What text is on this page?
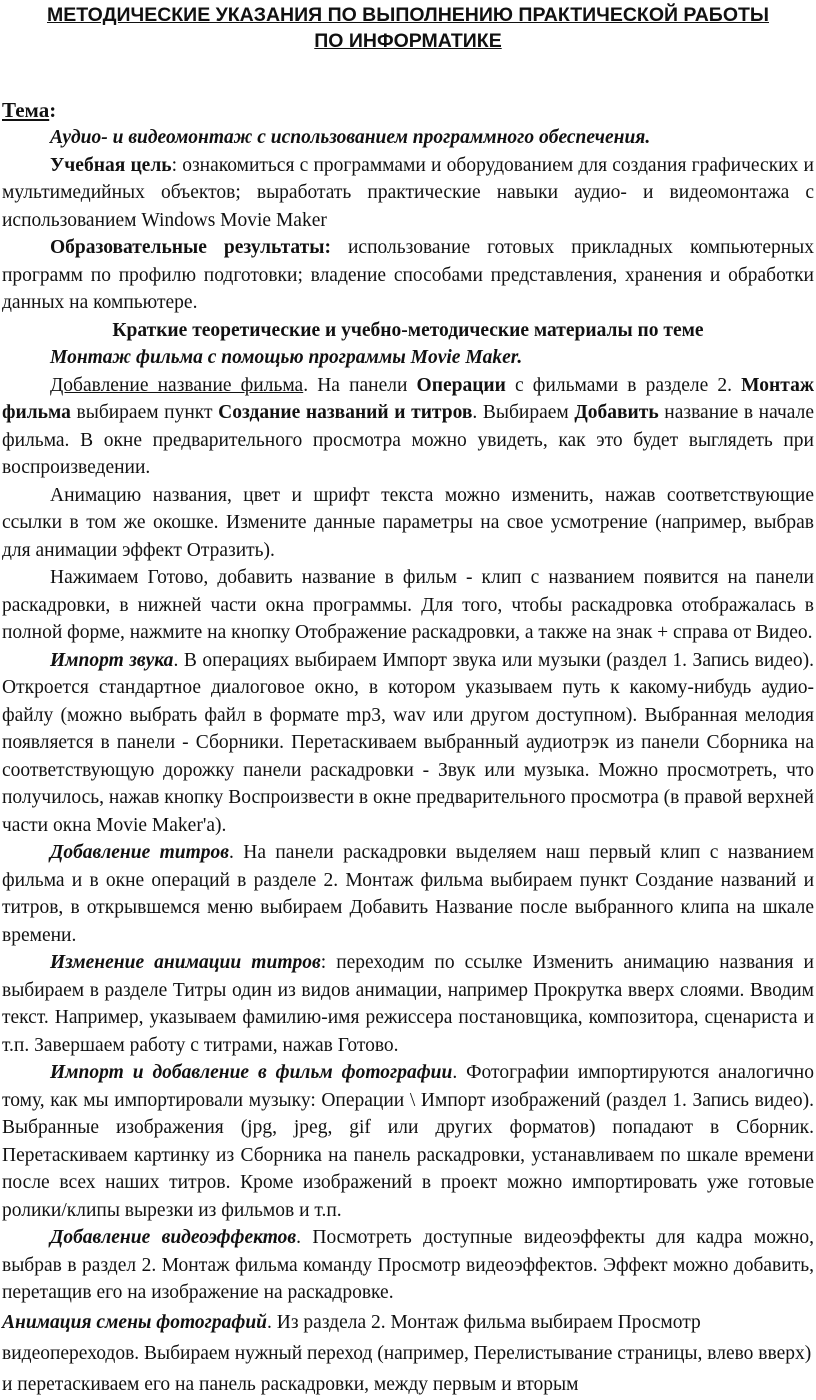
МЕТОДИЧЕСКИЕ УКАЗАНИЯ ПО ВЫПОЛНЕНИЮ ПРАКТИЧЕСКОЙ РАБОТЫ
ПО ИНФОРМАТИКЕ

Тема:

Аудио- и видеомонтаж с использованием программного обеспечения.

Учебная цель: ознакомиться с программами и оборудованием для создания графических и мультимедийных объектов; выработать практические навыки аудио- и видеомонтажа с использованием Windows Movie Maker

Образовательные результаты: использование готовых прикладных компьютерных программ по профилю подготовки; владение способами представления, хранения и обработки данных на компьютере.

Краткие теоретические и учебно-методические материалы по теме

Монтаж фильма с помощью программы Movie Maker.

Добавление название фильма. На панели Операции с фильмами в разделе 2. Монтаж фильма выбираем пункт Создание названий и титров. Выбираем Добавить название в начале фильма. В окне предварительного просмотра можно увидеть, как это будет выглядеть при воспроизведении.

Анимацию названия, цвет и шрифт текста можно изменить, нажав соответствующие ссылки в том же окошке. Измените данные параметры на свое усмотрение (например, выбрав для анимации эффект Отразить).

Нажимаем Готово, добавить название в фильм - клип с названием появится на панели раскадровки, в нижней части окна программы. Для того, чтобы раскадровка отображалась в полной форме, нажмите на кнопку Отображение раскадровки, а также на знак + справа от Видео.

Импорт звука. В операциях выбираем Импорт звука или музыки (раздел 1. Запись видео). Откроется стандартное диалоговое окно, в котором указываем путь к какому-нибудь аудио-файлу (можно выбрать файл в формате mp3, wav или другом доступном). Выбранная мелодия появляется в панели - Сборники. Перетаскиваем выбранный аудиотрэк из панели Сборника на соответствующую дорожку панели раскадровки - Звук или музыка. Можно просмотреть, что получилось, нажав кнопку Воспроизвести в окне предварительного просмотра (в правой верхней части окна Movie Maker'a).

Добавление титров. На панели раскадровки выделяем наш первый клип с названием фильма и в окне операций в разделе 2. Монтаж фильма выбираем пункт Создание названий и титров, в открывшемся меню выбираем Добавить Название после выбранного клипа на шкале времени.

Изменение анимации титров: переходим по ссылке Изменить анимацию названия и выбираем в разделе Титры один из видов анимации, например Прокрутка вверх слоями. Вводим текст. Например, указываем фамилию-имя режиссера постановщика, композитора, сценариста и т.п. Завершаем работу с титрами, нажав Готово.

Импорт и добавление в фильм фотографии. Фотографии импортируются аналогично тому, как мы импортировали музыку: Операции \ Импорт изображений (раздел 1. Запись видео). Выбранные изображения (jpg, jpeg, gif или других форматов) попадают в Сборник. Перетаскиваем картинку из Сборника на панель раскадровки, устанавливаем по шкале времени после всех наших титров. Кроме изображений в проект можно импортировать уже готовые ролики/клипы вырезки из фильмов и т.п.

Добавление видеоэффектов. Посмотреть доступные видеоэффекты для кадра можно, выбрав в раздел 2. Монтаж фильма команду Просмотр видеоэффектов. Эффект можно добавить, перетащив его на изображение на раскадровке.

Анимация смены фотографий. Из раздела 2. Монтаж фильма выбираем Просмотр видеопереходов. Выбираем нужный переход (например, Перелистывание страницы, влево вверх) и перетаскиваем его на панель раскадровки, между первым и вторым
